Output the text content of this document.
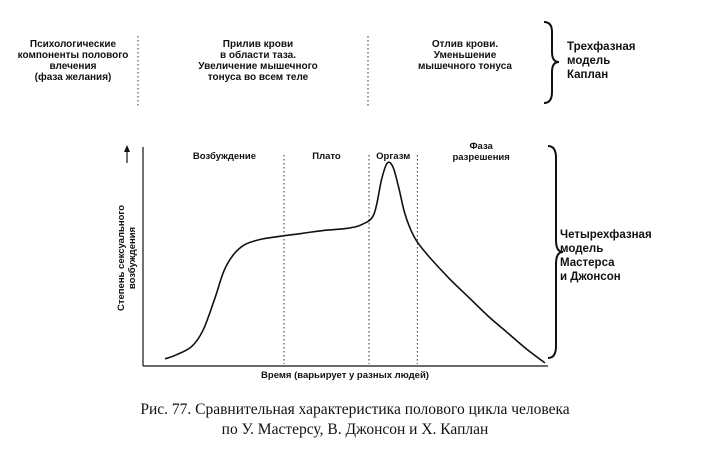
Психологические
компоненты полового
влечения
(фаза желания)
Прилив крови
в области таза.
Увеличение мышечного
тонуса во всем теле
Отлив крови.
Уменьшение
мышечного тонуса
Трехфазная
модель
Каплан
Четырехфазная
модель
Мастерса
и Джонсон
Возбуждение	Плато	Оргазм
Фаза разрешения
Время (варьирует у разных людей)
Степень сексуальноговозбуждения
Рис. 77. Сравнительная характеристика полового цикла человека
по У. Мастерсу, В. Джонсон и Х. Каплан
